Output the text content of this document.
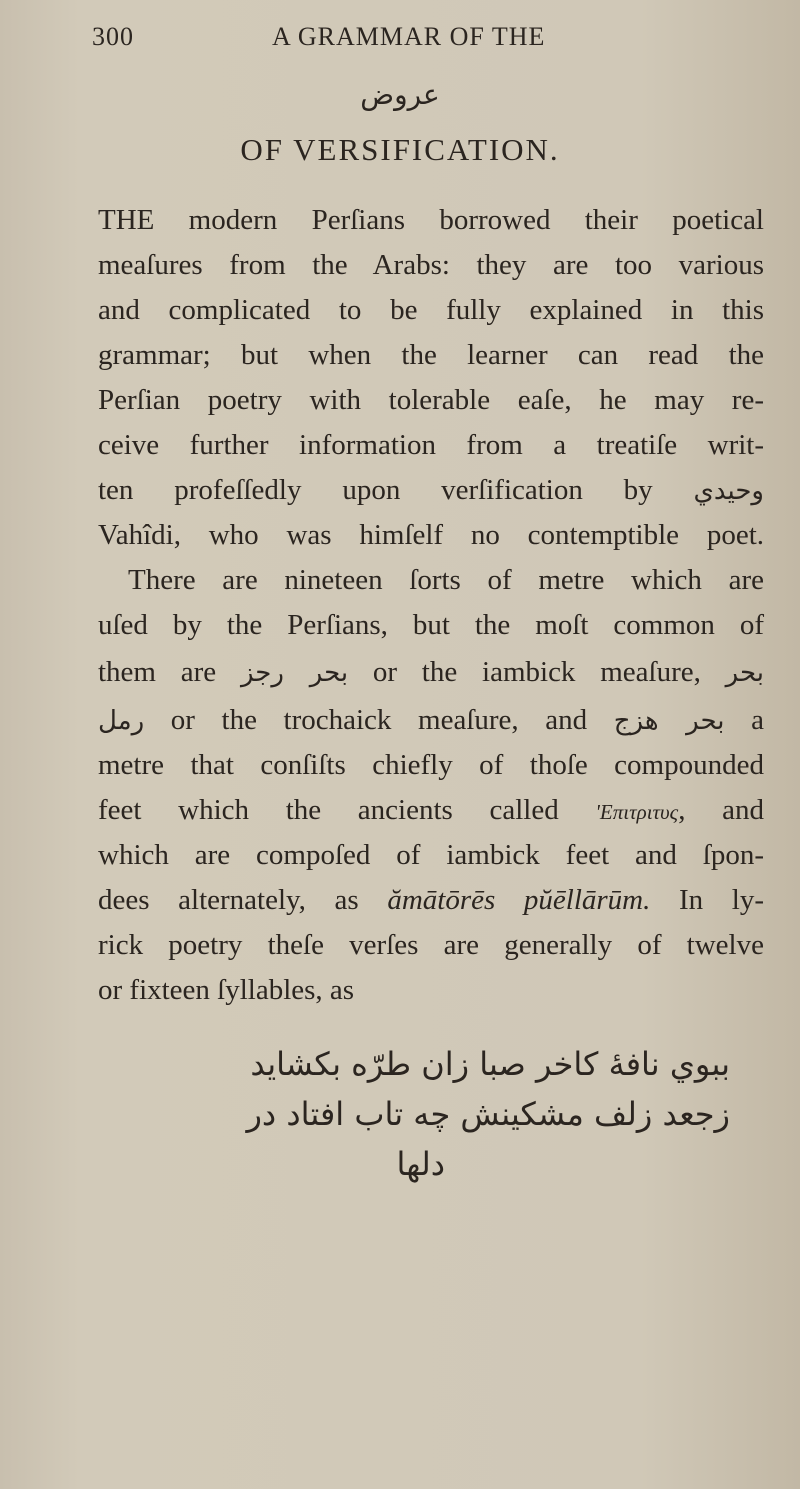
300	A GRAMMAR OF THE
عروض
OF VERSIFICATION.
THE modern Perſians borrowed their poetical
meaſures from the Arabs: they are too various
and complicated to be fully explained in this
grammar; but when the learner can read the
Perſian poetry with tolerable eaſe, he may re-
ceive further information from a treatiſe writ-
ten profeſſedly upon verſification by وحيدي
Vahîdi, who was himſelf no contemptible poet.
There are nineteen ſorts of metre which are
uſed by the Perſians, but the moſt common of
them are بحر رجز or the iambick meaſure, بحر
رمل or the trochaick meaſure, and بحر هزج a
metre that conſiſts chiefly of thoſe compounded
feet which the ancients called 'Επιτριτυς, and
which are compoſed of iambick feet and ſpon-
dees alternately, as ămātōrēs pŭēllārūm. In ly-
rick poetry theſe verſes are generally of twelve
or fixteen ſyllables, as
ببوي نافهٔ كاخر صبا زان طرّه بكشايد
زجعد زلف مشكينش چه تاب افتاد در
دلها
